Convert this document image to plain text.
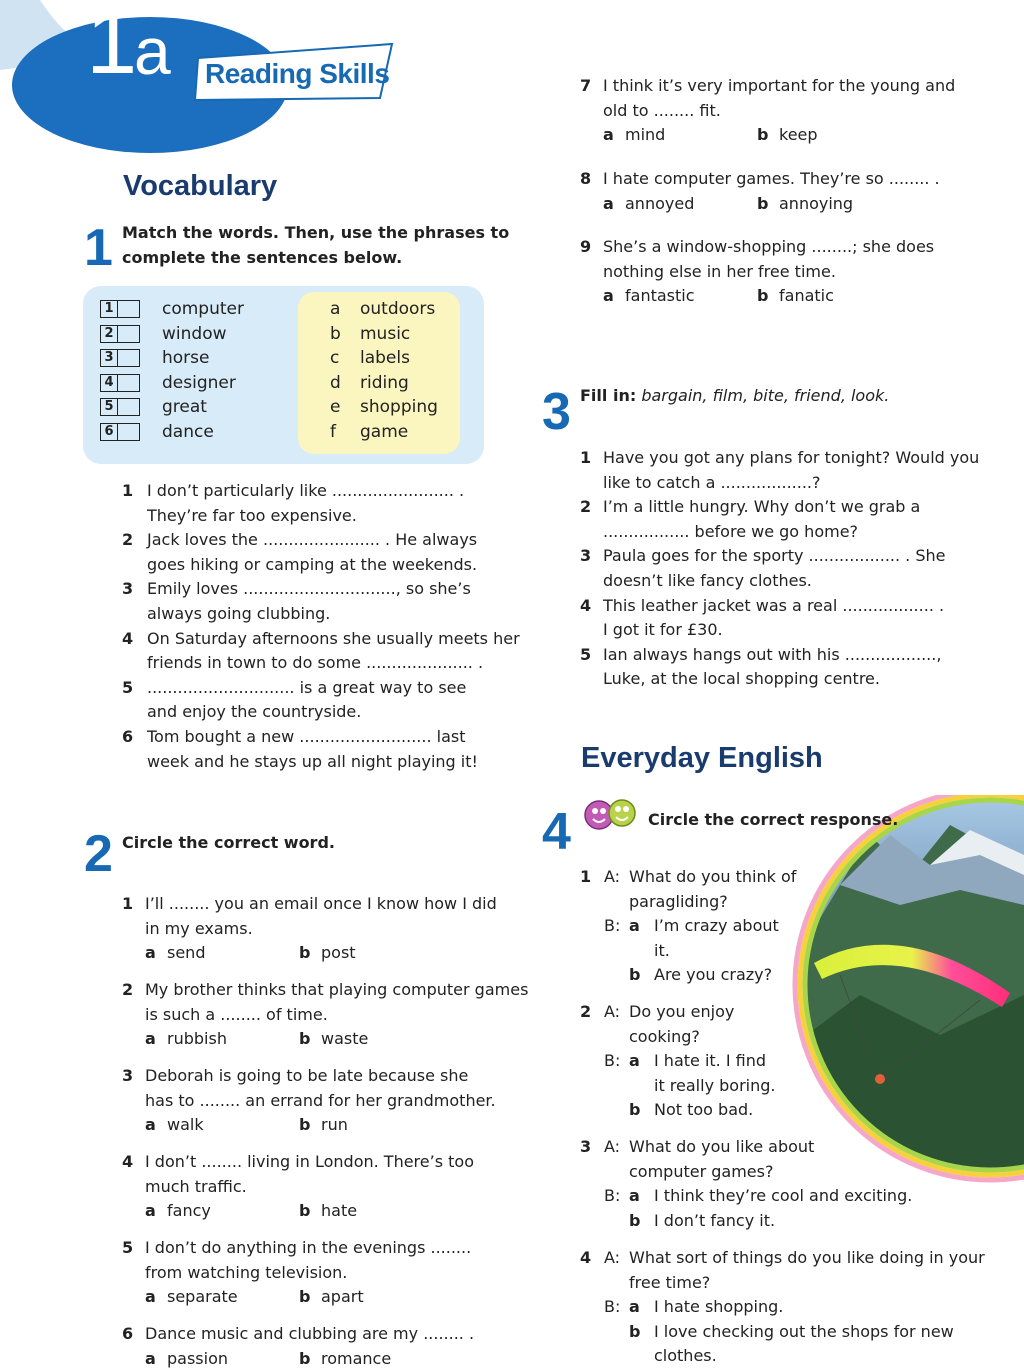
1
a Reading Skills
Vocabulary
1 Match the words. Then, use the phrases to
complete the sentences below.
1	computer
2	window
3	horse
4	designer
5	great
6	dance
a	outdoors
b	music
c	labels
d	riding
e	shopping
f	game
1 I don’t particularly like ........................ .
They’re far too expensive.
2 Jack loves the ....................... . He always
goes hiking or camping at the weekends.
3 Emily loves .............................., so she’s
always going clubbing.
4 On Saturday afternoons she usually meets her
friends in town to do some ..................... .
5 ............................. is a great way to see
and enjoy the countryside.
6 Tom bought a new .......................... last
week and he stays up all night playing it!
2 Circle the correct word.
1 I’ll ........ you an email once I know how I did
in my exams.
a send	b post
2 My brother thinks that playing computer games
is such a ........ of time.
a rubbish	b waste
3 Deborah is going to be late because she
has to ........ an errand for her grandmother.
a walk	b run
4 I don’t ........ living in London. There’s too
much traffic.
a fancy	b hate
5 I don’t do anything in the evenings ........
from watching television.
a separate	b apart
6 Dance music and clubbing are my ........ .
a passion	b romance
7 I think it’s very important for the young and
old to ........ fit.
a mind	b keep
8 I hate computer games. They’re so ........ .
a annoyed	b annoying
9 She’s a window-shopping ........; she does
nothing else in her free time.
a fantastic	b fanatic
3 Fill in: bargain, film, bite, friend, look.
1 Have you got any plans for tonight? Would you
like to catch a ..................?
2 I’m a little hungry. Why don’t we grab a
................. before we go home?
3 Paula goes for the sporty .................. . She
doesn’t like fancy clothes.
4 This leather jacket was a real .................. .
I got it for £30.
5 Ian always hangs out with his ..................,
Luke, at the local shopping centre.
Everyday English
4	Circle the correct response.
1 A: What do you think of
paragliding?
B: a I’m crazy about
it.
b Are you crazy?
2 A: Do you enjoy
cooking?
B: a I hate it. I find
it really boring.
b Not too bad.
3 A: What do you like about
computer games?
B: a I think they’re cool and exciting.
b I don’t fancy it.
4 A: What sort of things do you like doing in your
free time?
B: a I hate shopping.
b I love checking out the shops for new
clothes.
